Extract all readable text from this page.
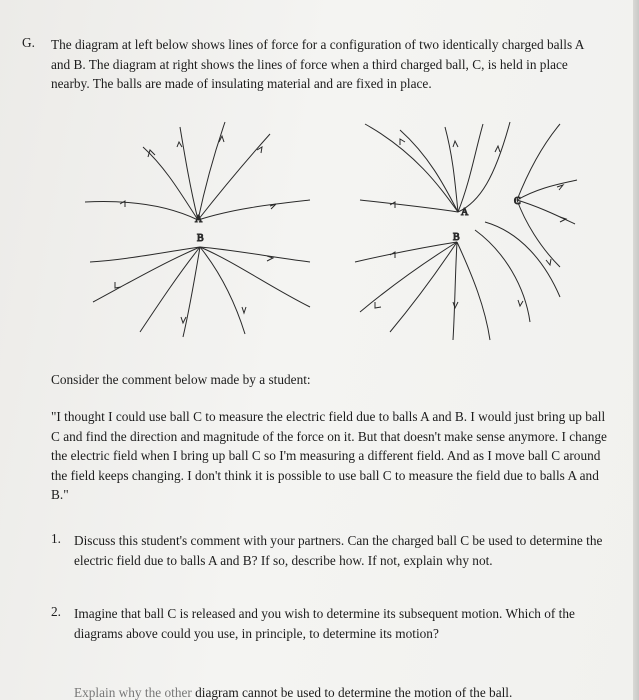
G. The diagram at left below shows lines of force for a configuration of two identically charged balls A and B. The diagram at right shows the lines of force when a third charged ball, C, is held in place nearby. The balls are made of insulating material and are fixed in place.

A
B
A
B
C

Consider the comment below made by a student:

"I thought I could use ball C to measure the electric field due to balls A and B. I would just bring up ball C and find the direction and magnitude of the force on it. But that doesn't make sense anymore. I change the electric field when I bring up ball C so I'm measuring a different field. And as I move ball C around the field keeps changing. I don't think it is possible to use ball C to measure the field due to balls A and B."

1. Discuss this student's comment with your partners. Can the charged ball C be used to determine the electric field due to balls A and B? If so, describe how. If not, explain why not.

2. Imagine that ball C is released and you wish to determine its subsequent motion. Which of the diagrams above could you use, in principle, to determine its motion?

Explain why the other diagram cannot be used to determine the motion of the ball.
